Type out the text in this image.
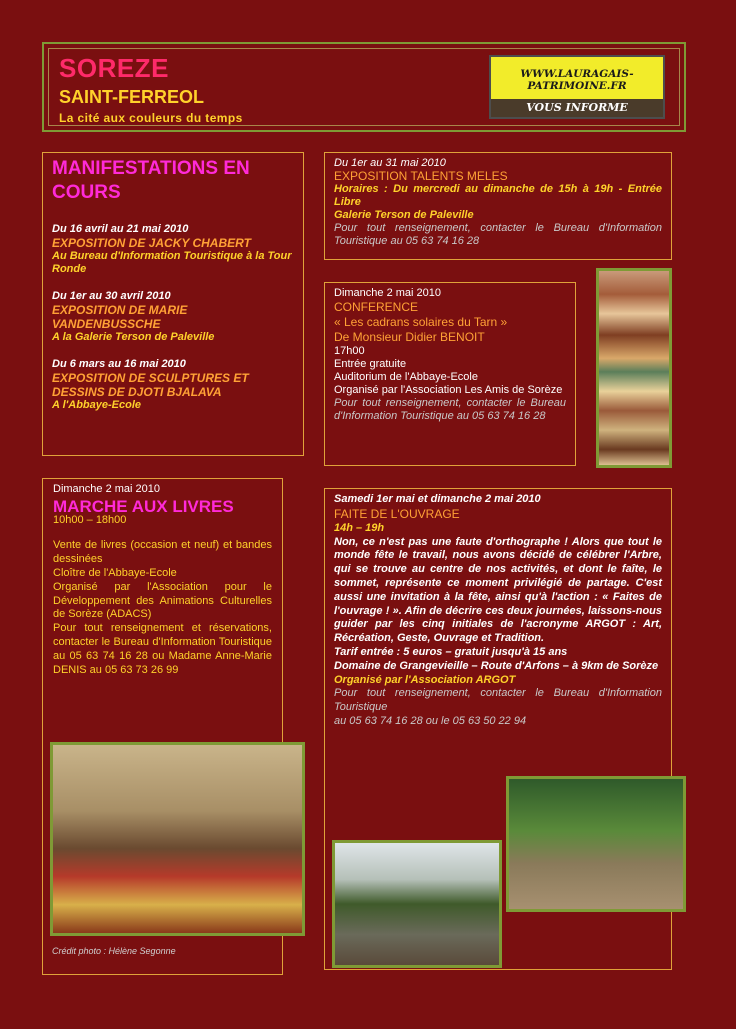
SOREZE
SAINT-FERREOL
La cité aux couleurs du temps
WWW.LAURAGAIS-PATRIMOINE.FR
VOUS INFORME
MANIFESTATIONS EN COURS

Du 16 avril au 21 mai 2010

EXPOSITION DE JACKY CHABERT

Au Bureau d'Information Touristique à la Tour Ronde

Du 1er au 30 avril 2010

EXPOSITION DE MARIE VANDENBUSSCHE

A la Galerie Terson de Paleville

Du 6 mars au 16 mai 2010

EXPOSITION DE SCULPTURES ET DESSINS DE DJOTI BJALAVA

A l'Abbaye-Ecole

Du 1er au 31 mai 2010

EXPOSITION TALENTS MELES

Horaires : Du mercredi au dimanche de 15h à 19h - Entrée Libre

Galerie Terson de Paleville

Pour tout renseignement, contacter le Bureau d'Information Touristique au 05 63 74 16 28

Dimanche 2 mai 2010

CONFERENCE

« Les cadrans solaires du Tarn »

De Monsieur Didier BENOIT

17h00

Entrée gratuite

Auditorium de l'Abbaye-Ecole

Organisé par l'Association Les Amis de Sorèze

Pour tout renseignement, contacter le Bureau d'Information Touristique au 05 63 74 16 28

Dimanche 2 mai 2010

MARCHE AUX LIVRES

10h00 – 18h00

Vente de livres (occasion et neuf) et bandes dessinées

Cloître de l'Abbaye-Ecole

Organisé par l'Association pour le Développement des Animations Culturelles de Sorèze (ADACS)

Pour tout renseignement et réservations, contacter le Bureau d'Information Touristique au 05 63 74 16 28 ou Madame Anne-Marie DENIS au 05 63 73 26 99

Crédit photo : Hélène Segonne

Samedi 1er mai et dimanche 2 mai 2010

FAITE DE L'OUVRAGE

14h – 19h

Non, ce n'est pas une faute d'orthographe ! Alors que tout le monde fête le travail, nous avons décidé de célébrer l'Arbre, qui se trouve au centre de nos activités, et dont le faîte, le sommet, représente ce moment privilégié de partage. C'est aussi une invitation à la fête, ainsi qu'à l'action : « Faites de l'ouvrage ! ». Afin de décrire ces deux journées, laissons-nous guider par les cinq initiales de l'acronyme ARGOT : Art, Récréation, Geste, Ouvrage et Tradition.

Tarif entrée : 5 euros – gratuit jusqu'à 15 ans

Domaine de Grangevieille – Route d'Arfons – à 9km de Sorèze

Organisé par l'Association ARGOT

Pour tout renseignement, contacter le Bureau d'Information Touristique

au 05 63 74 16 28 ou le 05 63 50 22 94
